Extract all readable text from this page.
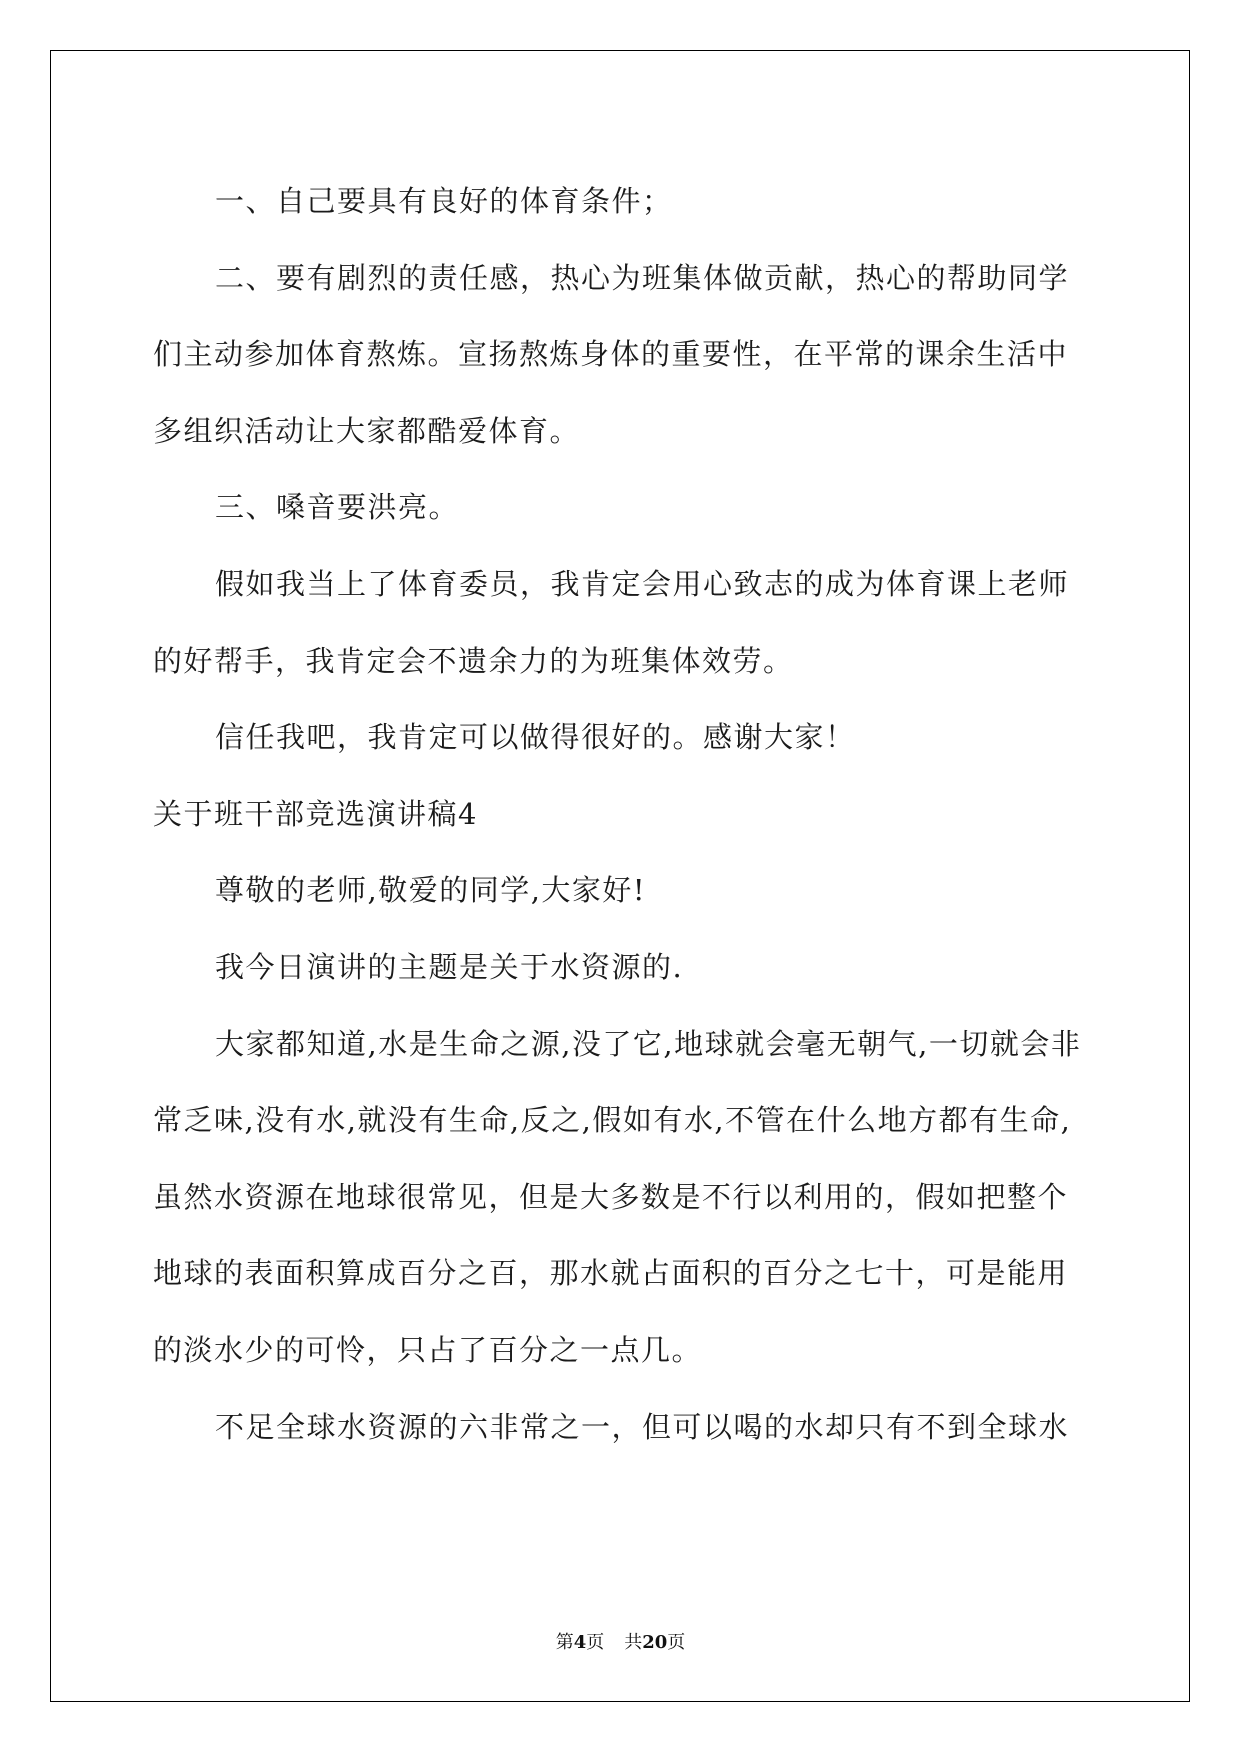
一、自己要具有良好的体育条件；

二、要有剧烈的责任感，热心为班集体做贡献，热心的帮助同学们主动参加体育熬炼。宣扬熬炼身体的重要性，在平常的课余生活中多组织活动让大家都酷爱体育。

三、嗓音要洪亮。

假如我当上了体育委员，我肯定会用心致志的成为体育课上老师的好帮手，我肯定会不遗余力的为班集体效劳。

信任我吧，我肯定可以做得很好的。感谢大家！

关于班干部竞选演讲稿4

尊敬的老师,敬爱的同学,大家好!

我今日演讲的主题是关于水资源的.

大家都知道,水是生命之源,没了它,地球就会毫无朝气,一切就会非常乏味,没有水,就没有生命,反之,假如有水,不管在什么地方都有生命,虽然水资源在地球很常见，但是大多数是不行以利用的，假如把整个地球的表面积算成百分之百，那水就占面积的百分之七十，可是能用的淡水少的可怜，只占了百分之一点几。

不足全球水资源的六非常之一，但可以喝的水却只有不到全球水

第4页 共20页
